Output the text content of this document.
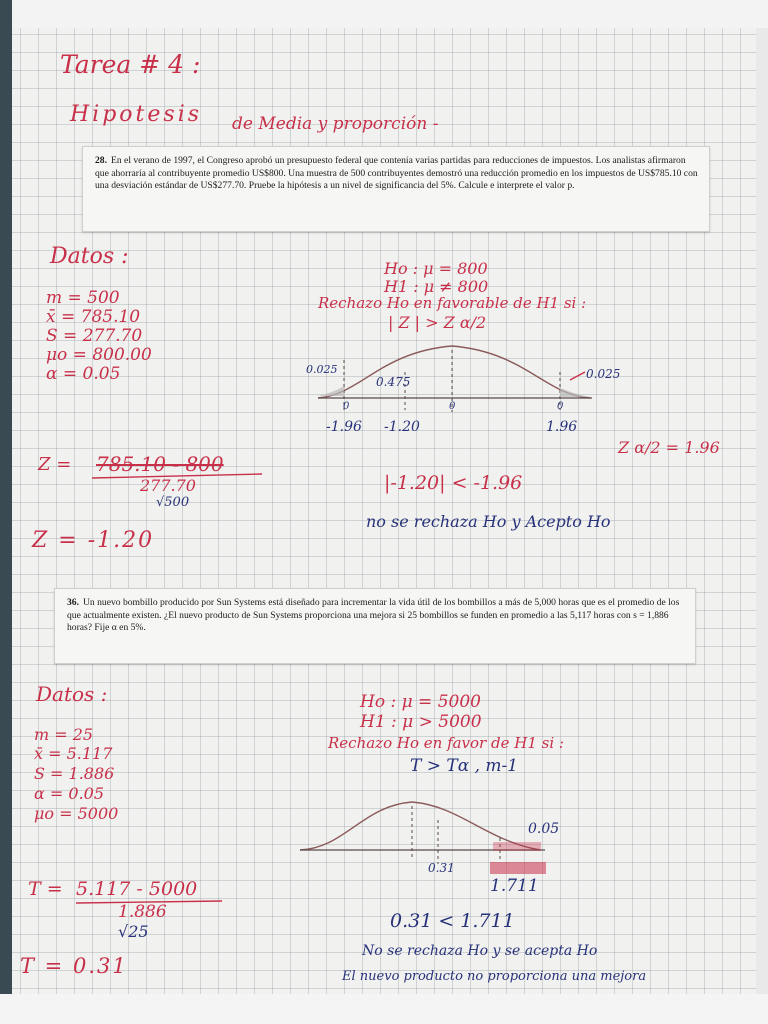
Tarea # 4 :
Hipotesis de Media y proporción -

28. En el verano de 1997, el Congreso aprobó un presupuesto federal que contenía varias partidas para reducciones de impuestos. Los analistas afirmaron que ahorraría al contribuyente promedio US$800. Una muestra de 500 contribuyentes demostró una reducción promedio en los impuestos de US$785.10 con una desviación estándar de US$277.70. Pruebe la hipótesis a un nivel de significancia del 5%. Calcule e interprete el valor p.

Datos :
m = 500
x̄ = 785.10
S = 277.70
μo = 800.00
α = 0.05
Ho : μ = 800
H1 : μ ≠ 800
Rechazo Ho en favorable de H1 si :
| Z | > Z α/2
0.025
0.475
0.025
0	0	0
-1.96 -1.20	1.96
Z α/2 = 1.96
Z = 785.10 - 800
277.70
√500
Z = -1.20
|-1.20| < -1.96
no se rechaza Ho y Acepto Ho

36. Un nuevo bombillo producido por Sun Systems está diseñado para incrementar la vida útil de los bombillos a más de 5,000 horas que es el promedio de los que actualmente existen. ¿El nuevo producto de Sun Systems proporciona una mejora si 25 bombillos se funden en promedio a las 5,117 horas con s = 1,886 horas? Fije α en 5%.

Datos :
m = 25
x̄ = 5.117
S = 1.886
α = 0.05
μo = 5000
Ho : μ = 5000
H1 : μ > 5000
Rechazo Ho en favor de H1 si :
T > Tα , m-1
0.05
0.31
1.711
T = 5.117 - 5000
1.886
√25
T = 0.31
0.31 < 1.711
No se rechaza Ho y se acepta Ho
El nuevo producto no proporciona una mejora
